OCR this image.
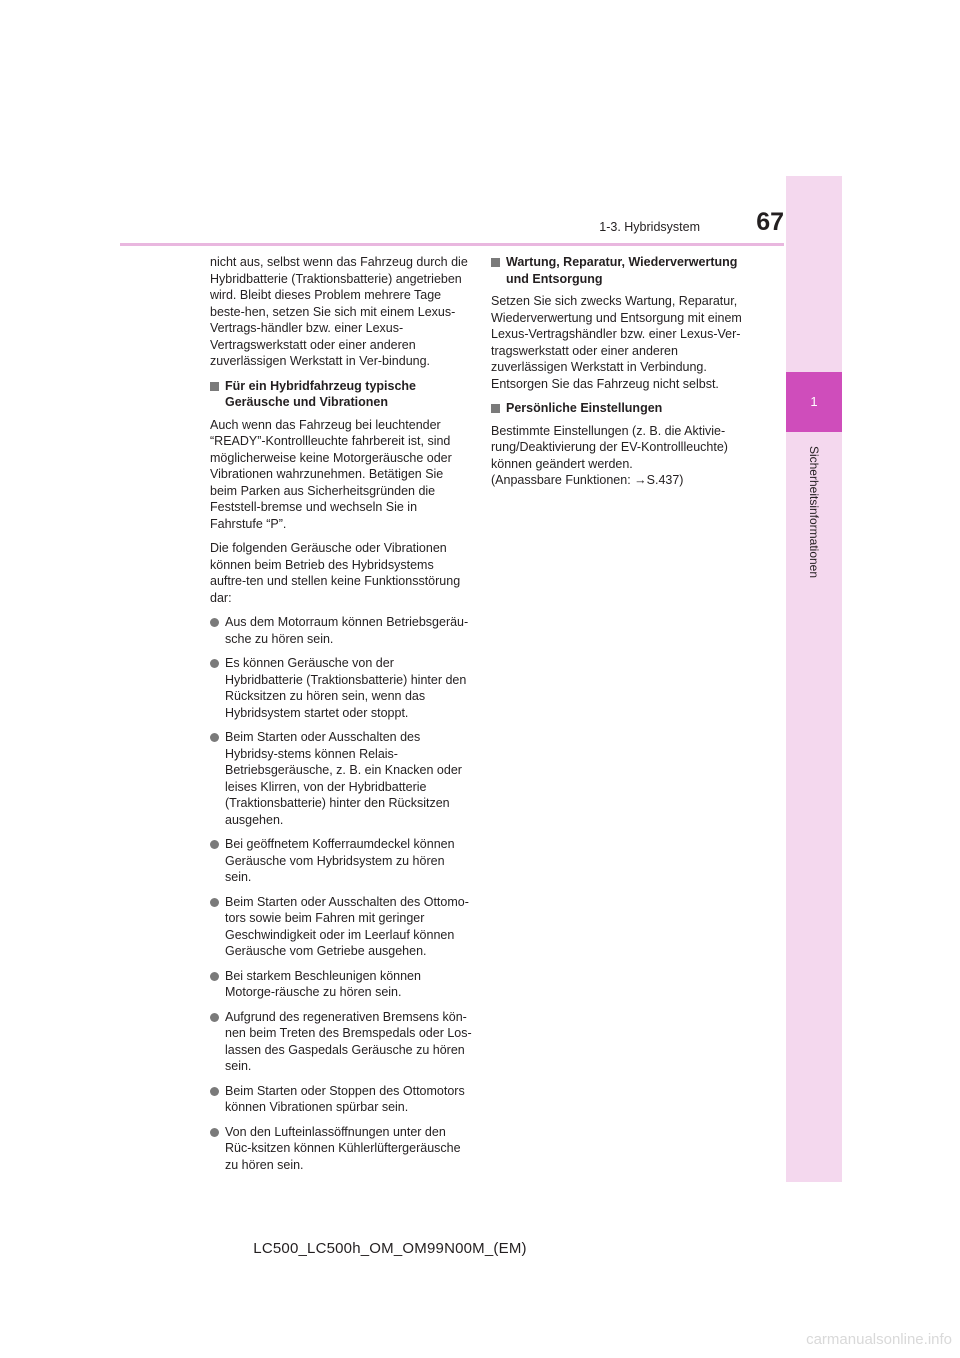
1
Sicherheitsinformationen
67
1-3. Hybridsystem

nicht aus, selbst wenn das Fahrzeug durch die Hybridbatterie (Traktionsbatterie) angetrieben wird. Bleibt dieses Problem mehrere Tage beste-hen, setzen Sie sich mit einem Lexus-Vertrags-händler bzw. einer Lexus-Vertragswerkstatt oder einer anderen zuverlässigen Werkstatt in Ver-bindung.

Für ein Hybridfahrzeug typische Geräusche und Vibrationen

Auch wenn das Fahrzeug bei leuchtender “READY”-Kontrollleuchte fahrbereit ist, sind möglicherweise keine Motorgeräusche oder Vibrationen wahrzunehmen. Betätigen Sie beim Parken aus Sicherheitsgründen die Feststell-bremse und wechseln Sie in Fahrstufe “P”.

Die folgenden Geräusche oder Vibrationen können beim Betrieb des Hybridsystems auftre-ten und stellen keine Funktionsstörung dar:

Aus dem Motorraum können Betriebsgeräu-sche zu hören sein.
Es können Geräusche von der Hybridbatterie (Traktionsbatterie) hinter den Rücksitzen zu hören sein, wenn das Hybridsystem startet oder stoppt.
Beim Starten oder Ausschalten des Hybridsy-stems können Relais-Betriebsgeräusche, z. B. ein Knacken oder leises Klirren, von der Hybridbatterie (Traktionsbatterie) hinter den Rücksitzen ausgehen.
Bei geöffnetem Kofferraumdeckel können Geräusche vom Hybridsystem zu hören sein.
Beim Starten oder Ausschalten des Ottomo-tors sowie beim Fahren mit geringer Geschwindigkeit oder im Leerlauf können Geräusche vom Getriebe ausgehen.
Bei starkem Beschleunigen können Motorge-räusche zu hören sein.
Aufgrund des regenerativen Bremsens kön-nen beim Treten des Bremspedals oder Los-lassen des Gaspedals Geräusche zu hören sein.
Beim Starten oder Stoppen des Ottomotors können Vibrationen spürbar sein.
Von den Lufteinlassöffnungen unter den Rüc-ksitzen können Kühlerlüftergeräusche zu hören sein.

Wartung, Reparatur, Wiederverwertung und Entsorgung

Setzen Sie sich zwecks Wartung, Reparatur, Wiederverwertung und Entsorgung mit einem Lexus-Vertragshändler bzw. einer Lexus-Ver-tragswerkstatt oder einer anderen zuverlässigen Werkstatt in Verbindung. Entsorgen Sie das Fahrzeug nicht selbst.

Persönliche Einstellungen

Bestimmte Einstellungen (z. B. die Aktivie-rung/Deaktivierung der EV-Kontrollleuchte) können geändert werden.

(Anpassbare Funktionen: →S.437)

LC500_LC500h_OM_OM99N00M_(EM)
carmanualsonline.info
